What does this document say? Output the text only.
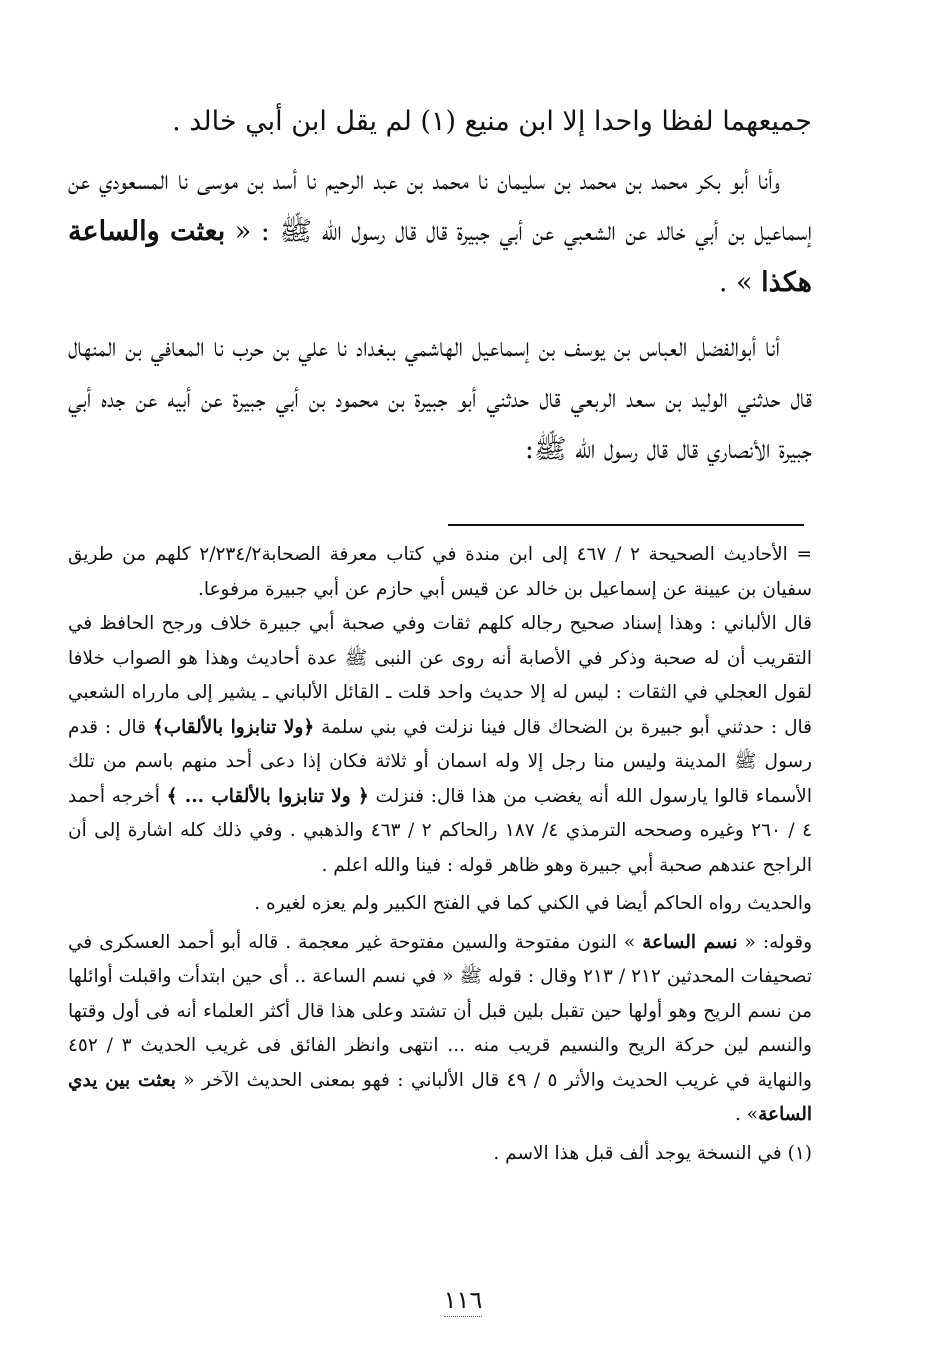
جميعهما لفظا واحدا إلا ابن منيع (١) لم يقل ابن أبي خالد .

وأنا أبو بكر محمد بن محمد بن سليمان نا محمد بن عبد الرحيم نا أسد بن موسى نا المسعودي عن إسماعيل بن أبي خالد عن الشعبي عن أبي جبيرة قال قال رسول الله ﷺ : « بعثت والساعة هكذا » .

أنا أبوالفضل العباس بن يوسف بن إسماعيل الهاشمي ببغداد نا علي بن حرب نا المعافي بن المنهال قال حدثني الوليد بن سعد الربعي قال حدثني أبو جبيرة بن محمود بن أبي جبيرة عن أبيه عن جده أبي جبيرة الأنصاري قال قال رسول الله ﷺ:

= الأحاديث الصحيحة ٢ / ٤٦٧ إلى ابن مندة في كتاب معرفة الصحابة٢/٢٣٤/٢ كلهم من طريق سفيان بن عيينة عن إسماعيل بن خالد عن قيس أبي حازم عن أبي جبيرة مرفوعا.

قال الألباني : وهذا إسناد صحيح رجاله كلهم ثقات وفي صحبة أبي جبيرة خلاف ورجح الحافظ في التقريب أن له صحبة وذكر في الأصابة أنه روى عن النبى ﷺ عدة أحاديث وهذا هو الصواب خلافا لقول العجلي في الثقات : ليس له إلا حديث واحد قلت ـ القائل الألباني ـ يشير إلى مارراه الشعبي قال : حدثني أبو جبيرة بن الضحاك قال فينا نزلت في بني سلمة ﴿ولا تنابزوا بالألقاب﴾ قال : قدم رسول ﷺ المدينة وليس منا رجل إلا وله اسمان أو ثلاثة فكان إذا دعى أحد منهم باسم من تلك الأسماء قالوا يارسول الله أنه يغضب من هذا قال: فنزلت ﴿ ولا تنابزوا بالألقاب ... ﴾ أخرجه أحمد ٤ / ٢٦٠ وغيره وصححه الترمذي ٤/ ١٨٧ رالحاكم ٢ / ٤٦٣ والذهبي . وفي ذلك كله اشارة إلى أن الراجح عندهم صحبة أبي جبيرة وهو ظاهر قوله : فينا والله اعلم .

والحديث رواه الحاكم أيضا في الكني كما في الفتح الكبير ولم يعزه لغيره .

وقوله: « نسم الساعة » النون مفتوحة والسين مفتوحة غير معجمة . قاله أبو أحمد العسكرى في تصحيفات المحدثين ٢١٢ / ٢١٣ وقال : قوله ﷺ « في نسم الساعة .. أى حين ابتدأت واقبلت أوائلها من نسم الريح وهو أولها حين تقبل بلين قبل أن تشتد وعلى هذا قال أكثر العلماء أنه فى أول وقتها والنسم لين حركة الريح والنسيم قريب منه ... انتهى وانظر الفائق فى غريب الحديث ٣ / ٤٥٢ والنهاية في غريب الحديث والأثر ٥ / ٤٩ قال الألباني : فهو بمعنى الحديث الآخر « بعثت بين يدي الساعة» .

(١) في النسخة يوجد ألف قبل هذا الاسم .

١١٦
